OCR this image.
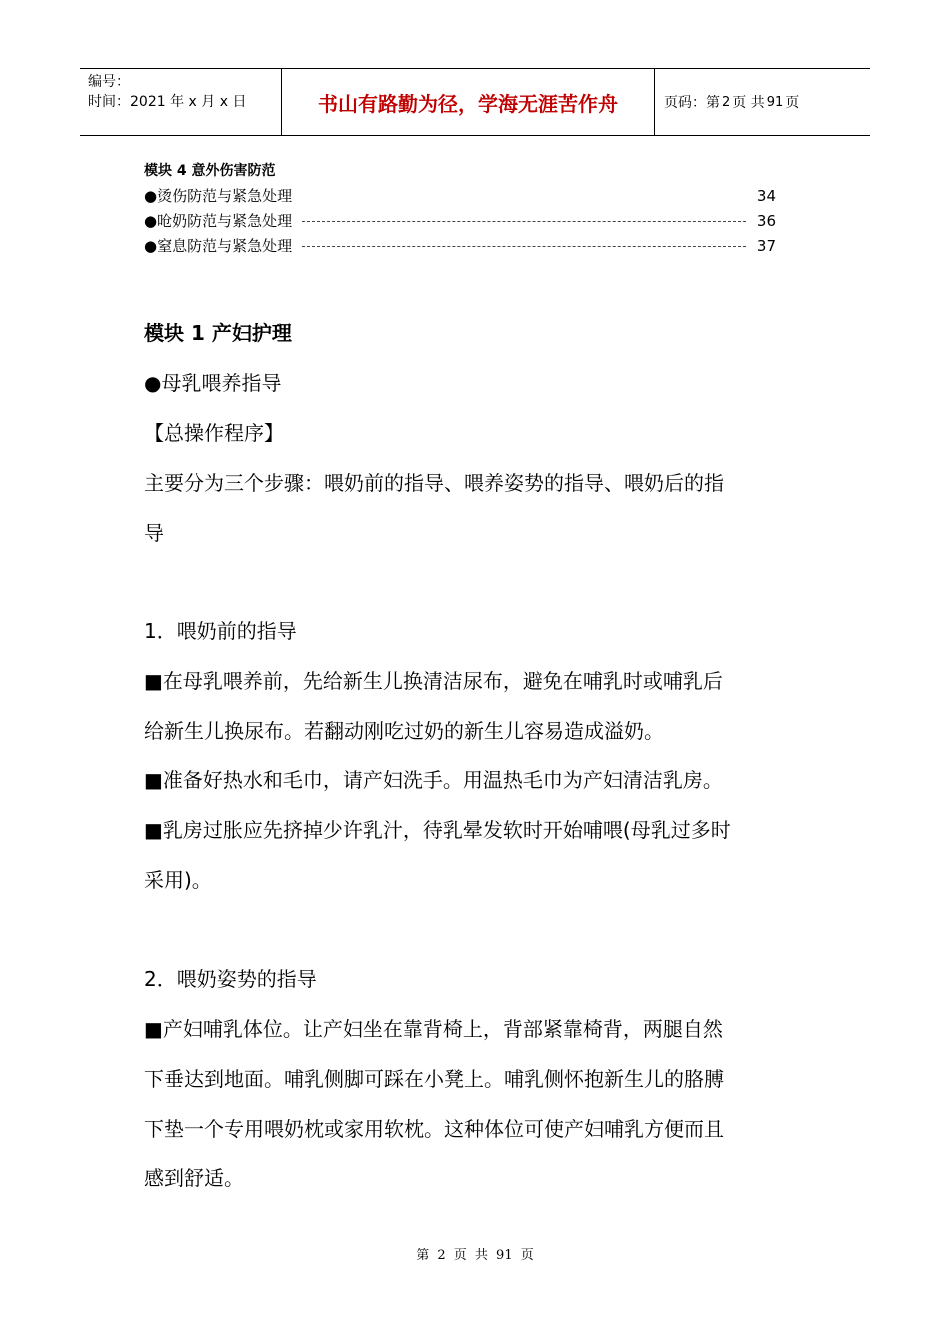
编号：
时间：2021 年 x 月 x 日	书山有路勤为径，学海无涯苦作舟	页码：第 2 页 共 91 页
模块 4 意外伤害防范
●烫伤防范与紧急处理	34
●呛奶防范与紧急处理	36
●窒息防范与紧急处理	37
模块 1 产妇护理
●母乳喂养指导
【总操作程序】
主要分为三个步骤：喂奶前的指导、喂养姿势的指导、喂奶后的指
导
1．喂奶前的指导
■在母乳喂养前，先给新生儿换清洁尿布，避免在哺乳时或哺乳后
给新生儿换尿布。若翻动刚吃过奶的新生儿容易造成溢奶。
■准备好热水和毛巾，请产妇洗手。用温热毛巾为产妇清洁乳房。
■乳房过胀应先挤掉少许乳汁，待乳晕发软时开始哺喂(母乳过多时
采用)。
2．喂奶姿势的指导
■产妇哺乳体位。让产妇坐在靠背椅上，背部紧靠椅背，两腿自然
下垂达到地面。哺乳侧脚可踩在小凳上。哺乳侧怀抱新生儿的胳膊
下垫一个专用喂奶枕或家用软枕。这种体位可使产妇哺乳方便而且
感到舒适。
第 2 页 共 91 页
